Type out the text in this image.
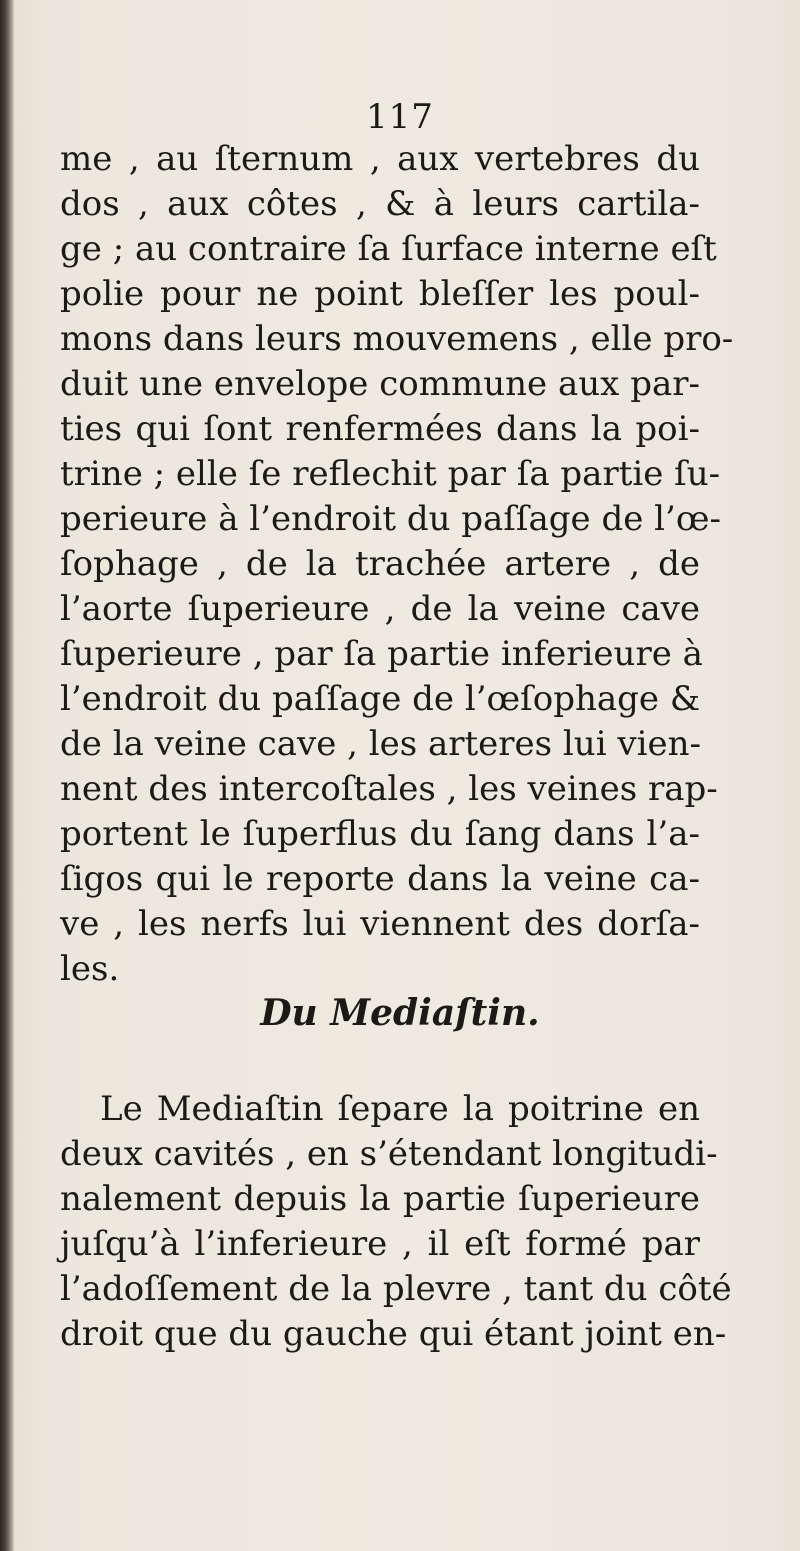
117
me , au ſternum , aux vertebres du
dos , aux côtes , & à leurs cartila-
ge ; au contraire ſa ſurface interne eſt
polie pour ne point bleſſer les poul-
mons dans leurs mouvemens , elle pro-
duit une envelope commune aux par-
ties qui ſont renfermées dans la poi-
trine ; elle ſe reflechit par ſa partie ſu-
perieure à l’endroit du paſſage de l’œ-
ſophage , de la trachée artere , de
l’aorte ſuperieure , de la veine cave
ſuperieure , par ſa partie inferieure à
l’endroit du paſſage de l’œſophage &
de la veine cave , les arteres lui vien-
nent des intercoſtales , les veines rap-
portent le ſuperflus du ſang dans l’a-
ſigos qui le reporte dans la veine ca-
ve , les nerfs lui viennent des dorſa-
les.
Du Mediaſtin.
Le Mediaſtin ſepare la poitrine en
deux cavités , en s’étendant longitudi-
nalement depuis la partie ſuperieure
juſqu’à l’inferieure , il eſt formé par
l’adoſſement de la plevre , tant du côté
droit que du gauche qui étant joint en-
